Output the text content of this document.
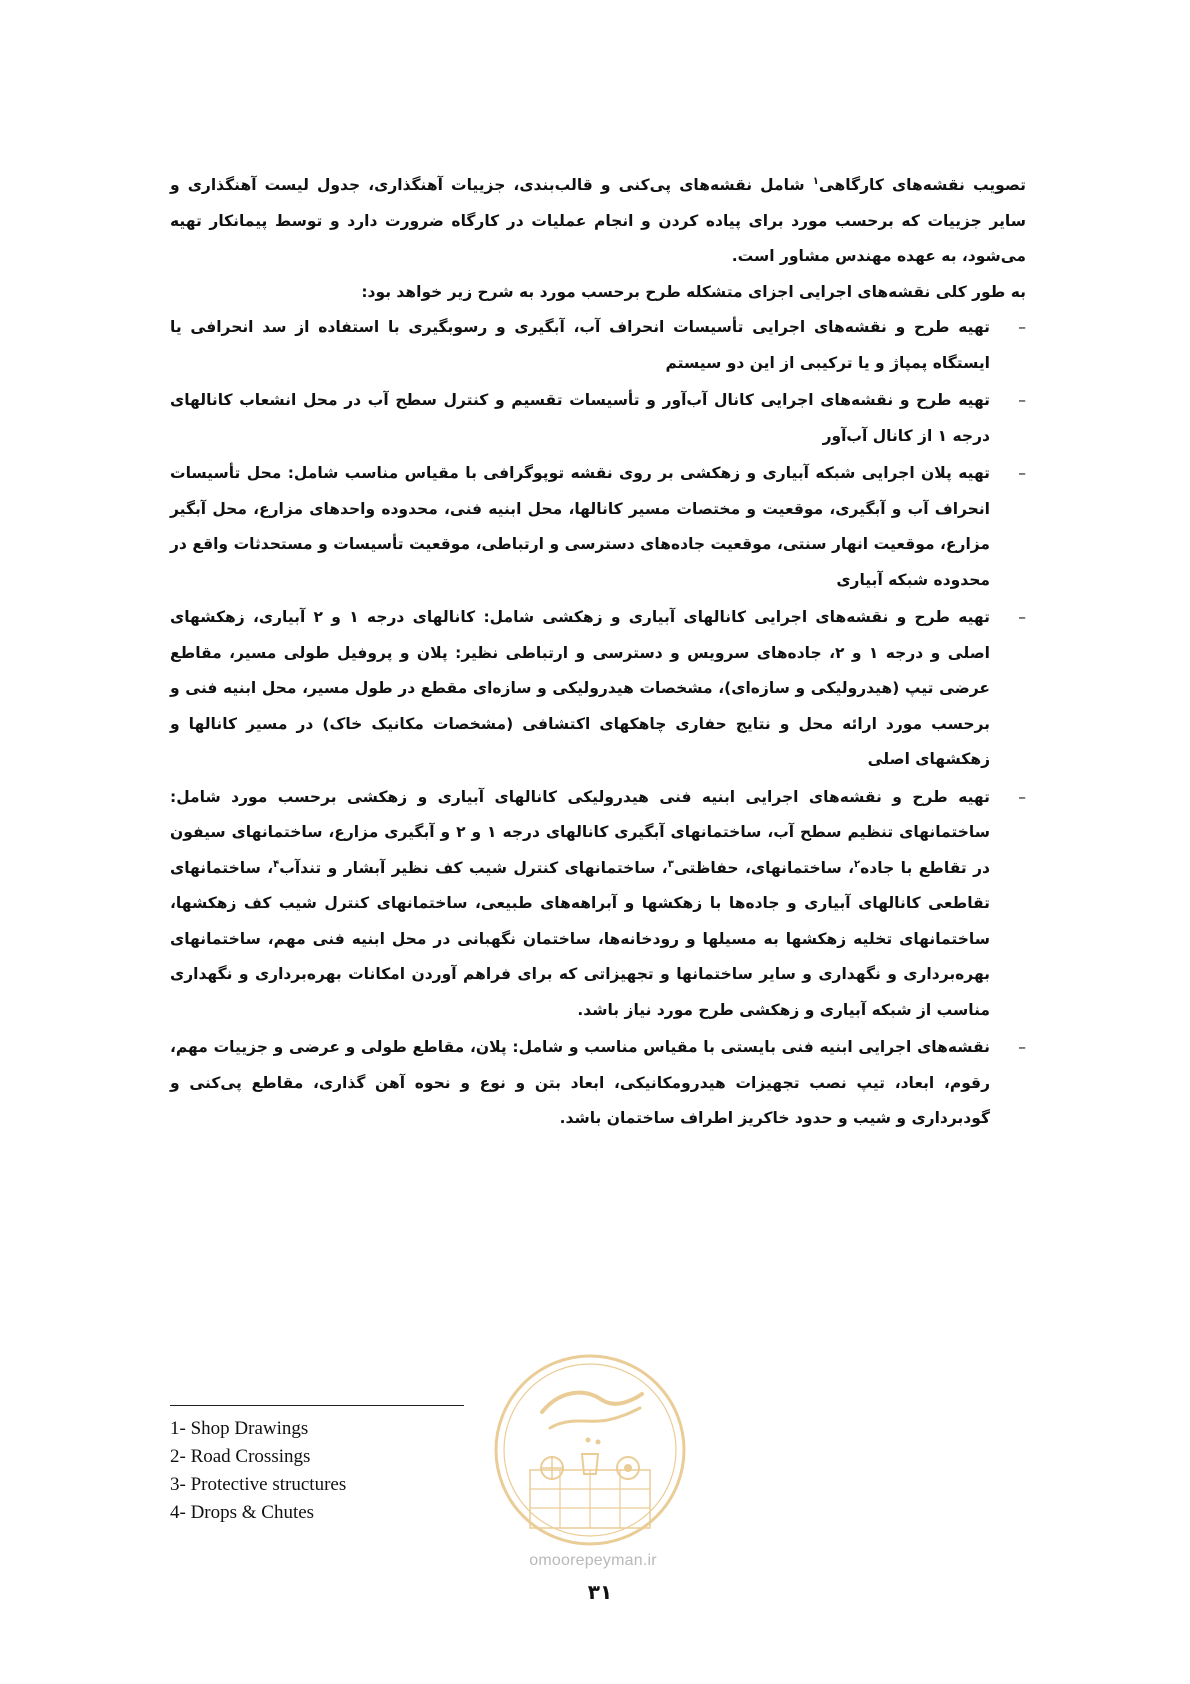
تصویب نقشه‌های کارگاهی$^۱$ شامل نقشه‌های پی‌کنی و قالب‌بندی، جزییات آهنگذاری، جدول لیست آهنگذاری و سایر جزییات که برحسب مورد برای پیاده کردن و انجام عملیات در کارگاه ضرورت دارد و توسط پیمانکار تهیه می‌شود، به عهده مهندس مشاور است.

به طور کلی نقشه‌های اجرایی اجزای متشکله طرح برحسب مورد به شرح زیر خواهد بود:

–
تهیه طرح و نقشه‌های اجرایی تأسیسات انحراف آب، آبگیری و رسوبگیری با استفاده از سد انحرافی یا ایستگاه پمپاژ و یا ترکیبی از این دو سیستم
–
تهیه طرح و نقشه‌های اجرایی کانال آب‌آور و تأسیسات تقسیم و کنترل سطح آب در محل انشعاب کانالهای درجه ۱ از کانال آب‌آور
–
تهیه پلان اجرایی شبکه آبیاری و زهکشی بر روی نقشه توپوگرافی با مقیاس مناسب شامل: محل تأسیسات انحراف آب و آبگیری، موقعیت و مختصات مسیر کانالها، محل ابنیه فنی، محدوده واحدهای مزارع، محل آبگیر مزارع، موقعیت انهار سنتی، موقعیت جاده‌های دسترسی و ارتباطی، موقعیت تأسیسات و مستحدثات واقع در محدوده شبکه آبیاری
–
تهیه طرح و نقشه‌های اجرایی کانالهای آبیاری و زهکشی شامل: کانالهای درجه ۱ و ۲ آبیاری، زهکشهای اصلی و درجه ۱ و ۲، جاده‌های سرویس و دسترسی و ارتباطی نظیر: پلان و پروفیل طولی مسیر، مقاطع عرضی تیپ (هیدرولیکی و سازه‌ای)، مشخصات هیدرولیکی و سازه‌ای مقطع در طول مسیر، محل ابنیه فنی و برحسب مورد ارائه محل و نتایج حفاری چاهکهای اکتشافی (مشخصات مکانیک خاک) در مسیر کانالها و زهکشهای اصلی
–
تهیه طرح و نقشه‌های اجرایی ابنیه فنی هیدرولیکی کانالهای آبیاری و زهکشی برحسب مورد شامل: ساختمانهای تنظیم سطح آب، ساختمانهای آبگیری کانالهای درجه ۱ و ۲ و آبگیری مزارع، ساختمانهای سیفون در تقاطع با جاده$^۲$، ساختمانهای، حفاظتی$^۳$، ساختمانهای کنترل شیب کف نظیر آبشار و تندآب$^۴$، ساختمانهای تقاطعی کانالهای آبیاری و جاده‌ها با زهکشها و آبراهه‌های طبیعی، ساختمانهای کنترل شیب کف زهکشها، ساختمانهای تخلیه زهکشها به مسیلها و رودخانه‌ها، ساختمان نگهبانی در محل ابنیه فنی مهم، ساختمانهای بهره‌برداری و نگهداری و سایر ساختمانها و تجهیزاتی که برای فراهم آوردن امکانات بهره‌برداری و نگهداری مناسب از شبکه آبیاری و زهکشی طرح مورد نیاز باشد.
–
نقشه‌های اجرایی ابنیه فنی بایستی با مقیاس مناسب و شامل: پلان، مقاطع طولی و عرضی و جزییات مهم، رقوم، ابعاد، تیپ نصب تجهیزات هیدرومکانیکی، ابعاد بتن و نوع و نحوه آهن گذاری، مقاطع پی‌کنی و گودبرداری و شیب و حدود خاکریز اطراف ساختمان باشد.
1- Shop Drawings
2- Road Crossings
3- Protective structures
4- Drops & Chutes
omoorepeyman.ir
۳۱
